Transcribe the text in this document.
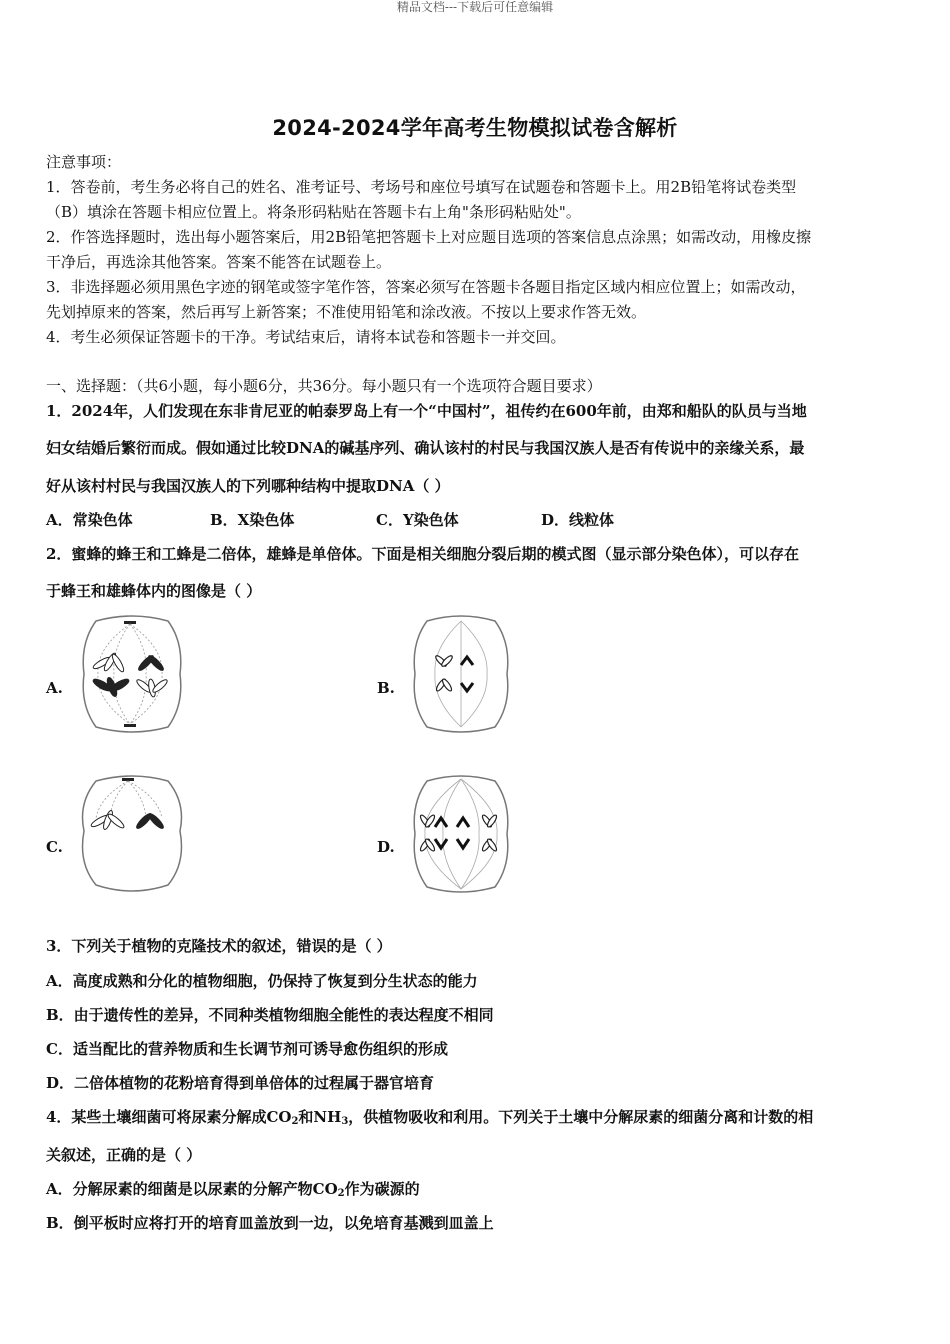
精品文档---下载后可任意编辑
2024-2024学年高考生物模拟试卷含解析
注意事项：
1．答卷前，考生务必将自己的姓名、准考证号、考场号和座位号填写在试题卷和答题卡上。用2B铅笔将试卷类型
（B）填涂在答题卡相应位置上。将条形码粘贴在答题卡右上角"条形码粘贴处"。
2．作答选择题时，选出每小题答案后，用2B铅笔把答题卡上对应题目选项的答案信息点涂黑；如需改动，用橡皮擦
干净后，再选涂其他答案。答案不能答在试题卷上。
3．非选择题必须用黑色字迹的钢笔或签字笔作答，答案必须写在答题卡各题目指定区域内相应位置上；如需改动，
先划掉原来的答案，然后再写上新答案；不准使用铅笔和涂改液。不按以上要求作答无效。
4．考生必须保证答题卡的干净。考试结束后，请将本试卷和答题卡一并交回。
一、选择题：（共6小题，每小题6分，共36分。每小题只有一个选项符合题目要求）
1．2024年，人们发现在东非肯尼亚的帕泰罗岛上有一个“中国村”，祖传约在600年前，由郑和船队的队员与当地
妇女结婚后繁衍而成。假如通过比较DNA的碱基序列、确认该村的村民与我国汉族人是否有传说中的亲缘关系，最
好从该村村民与我国汉族人的下列哪种结构中提取DNA（ ）
A．常染色体	B．X染色体	C．Y染色体	D．线粒体
2．蜜蜂的蜂王和工蜂是二倍体，雄蜂是单倍体。下面是相关细胞分裂后期的模式图（显示部分染色体），可以存在
于蜂王和雄蜂体内的图像是（ ）
A.	B.
C.	D.
3．下列关于植物的克隆技术的叙述，错误的是（ ）
A．高度成熟和分化的植物细胞，仍保持了恢复到分生状态的能力
B．由于遗传性的差异，不同种类植物细胞全能性的表达程度不相同
C．适当配比的营养物质和生长调节剂可诱导愈伤组织的形成
D．二倍体植物的花粉培育得到单倍体的过程属于器官培育
4．某些土壤细菌可将尿素分解成$CO_2$和$NH_3$，供植物吸收和利用。下列关于土壤中分解尿素的细菌分离和计数的相
关叙述，正确的是（ ）
A．分解尿素的细菌是以尿素的分解产物$CO_2$作为碳源的
B．倒平板时应将打开的培育皿盖放到一边，以免培育基溅到皿盖上
